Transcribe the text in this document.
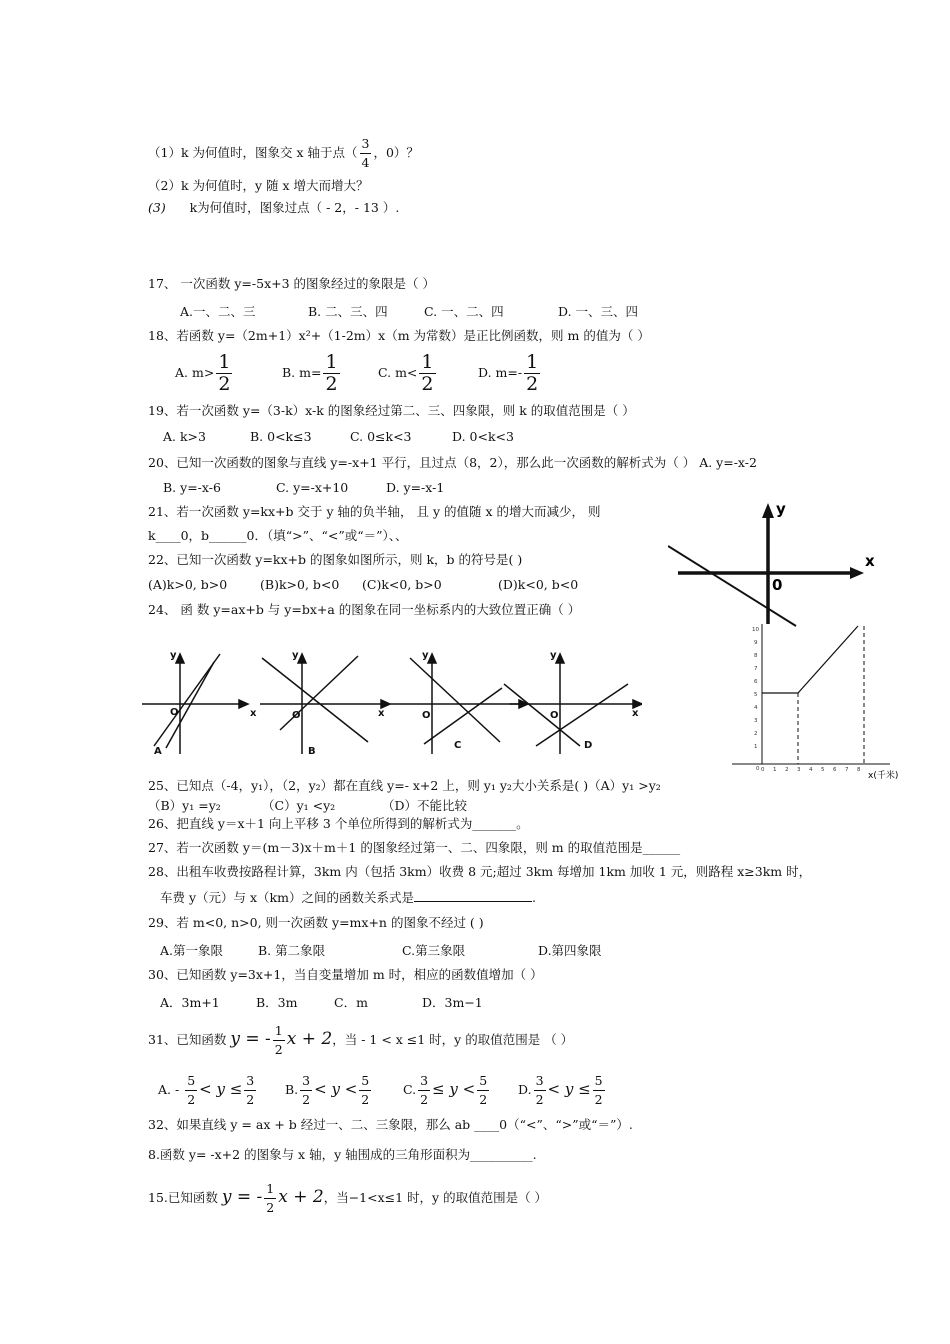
（1）k 为何值时，图象交 x 轴于点（ $\frac{3}{4}$ ，0）？
（2）k 为何值时，y 随 x 增大而增大？
(3) k为何值时，图象过点（ - 2，- 13 ）.
17、 一次函数 y=-5x+3 的图象经过的象限是（ ）
A.一、二、三	B. 二、三、四	C. 一、二、四	D. 一、三、四
18、若函数 y=（2m+1）x²+（1-2m）x（m 为常数）是正比例函数，则 m 的值为（ ）
A. $m> \frac{1}{2}$	B. $m= \frac{1}{2}$	C. $m< \frac{1}{2}$	D. $m=- \frac{1}{2}$
19、若一次函数 y=（3-k）x-k 的图象经过第二、三、四象限，则 k 的取值范围是（ ）
A. k>3	B. 0<k≤3	C. 0≤k<3	D. 0<k<3
20、已知一次函数的图象与直线 y=-x+1 平行，且过点（8，2），那么此一次函数的解析式为（ ） A. y=-x-2
B. y=-x-6	C. y=-x+10	D. y=-x-1
21、若一次函数 y=kx+b 交于 y 轴的负半轴， 且 y 的值随 x 的增大而减少， 则
k____0，b______0．（填“>”、“<”或“＝”）、、
22、已知一次函数 y=kx+b 的图象如图所示，则 k，b 的符号是( )
(A)k>0, b>0	(B)k>0, b<0 (C)k<0, b>0	(D)k<0, b<0
24、 函 数 y=ax+b 与 y=bx+a 的图象在同一坐标系内的大致位置正确（ ）
y
x
0
10
9
8
7
6
5
4
3
2
1
0 0 1 2 3 4 5 6 7 8
x(千米)
y
O
A
y
x	O
B
x
y
O
C
y
O
D
x
25、已知点（-4，y₁），（2，y₂）都在直线 y=- x+2 上，则 y₁ y₂大小关系是( )（A）y₁ >y₂
（B）y₁ =y₂	（C）y₁ <y₂	（D）不能比较
26、把直线 y＝x＋1 向上平移 3 个单位所得到的解析式为_______。
27、若一次函数 y＝(m－3)x＋m＋1 的图象经过第一、二、四象限，则 m 的取值范围是______
28、出租车收费按路程计算，3km 内（包括 3km）收费 8 元;超过 3km 每增加 1km 加收 1 元，则路程 x≥3km 时，
车费 y（元）与 x（km）之间的函数关系式是	.
29、若 m<0, n>0, 则一次函数 y=mx+n 的图象不经过 ( )
A.第一象限	B. 第二象限	C.第三象限	D.第四象限
30、已知函数 y=3x+1，当自变量增加 m 时，相应的函数值增加（ ）
A．3m+1	B．3m	C．m	D．3m−1
31、已知函数 y = - $\frac{1}{2}$ x + 2，当 - 1 < x ≤1 时，y 的取值范围是 （ ）
A. - $\frac{5}{2} < y \le \frac{3}{2} B$. $\frac{3}{2} < y < \frac{5}{2}$	C. $\frac{3}{2} \le y < \frac{5}{2} D$. $\frac{3}{2} < y \le \frac{5}{2}$
32、如果直线 y = ax + b 经过一、二、三象限，那么 ab ____0（“<”、“>”或“＝”）.
8.函数 y= -x+2 的图象与 x 轴，y 轴围成的三角形面积为__________.
15.已知函数 y = - $\frac{1}{2}$ x + 2，当−1<x≤1 时，y 的取值范围是（ ）
